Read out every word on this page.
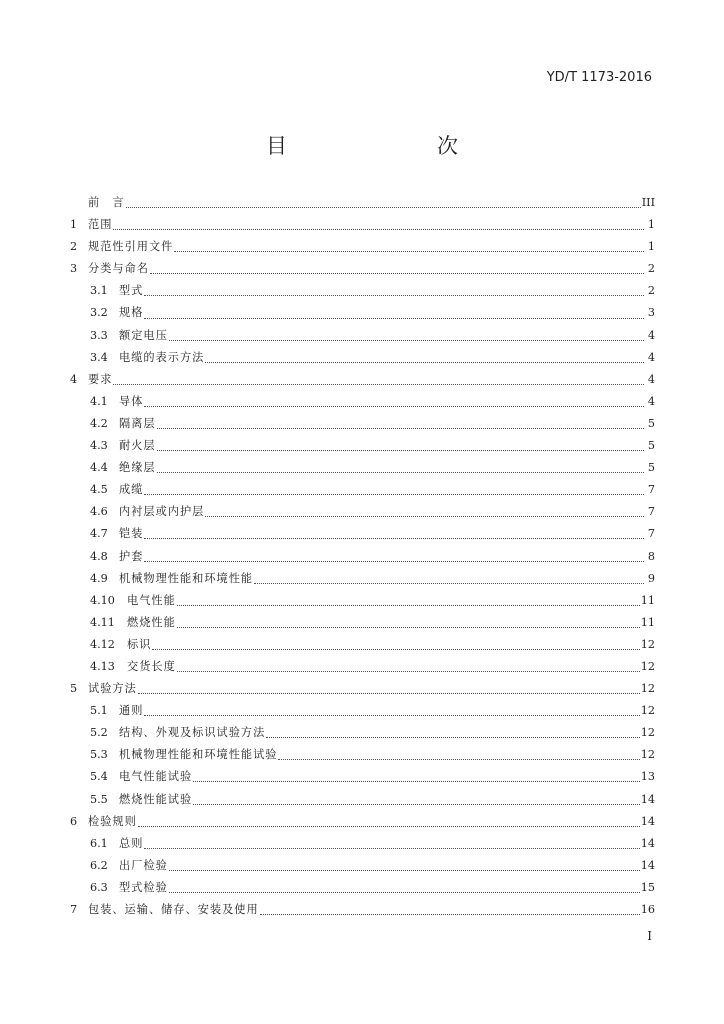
YD/T 1173-2016
目　　次
前　言	III
1 范围	1
2 规范性引用文件	1
3 分类与命名	2
3.1	型式	2
3.2	规格	3
3.3	额定电压	4
3.4	电缆的表示方法	4
4 要求	4
4.1	导体	4
4.2	隔离层	5
4.3	耐火层	5
4.4	绝缘层	5
4.5	成缆	7
4.6	内衬层或内护层	7
4.7	铠装	7
4.8	护套	8
4.9	机械物理性能和环境性能	9
4.10	电气性能	11
4.11	燃烧性能	11
4.12	标识	12
4.13	交货长度	12
5 试验方法	12
5.1	通则	12
5.2	结构、外观及标识试验方法	12
5.3	机械物理性能和环境性能试验	12
5.4	电气性能试验	13
5.5	燃烧性能试验	14
6 检验规则	14
6.1	总则	14
6.2	出厂检验	14
6.3	型式检验	15
7 包装、运输、储存、安装及使用	16
I
